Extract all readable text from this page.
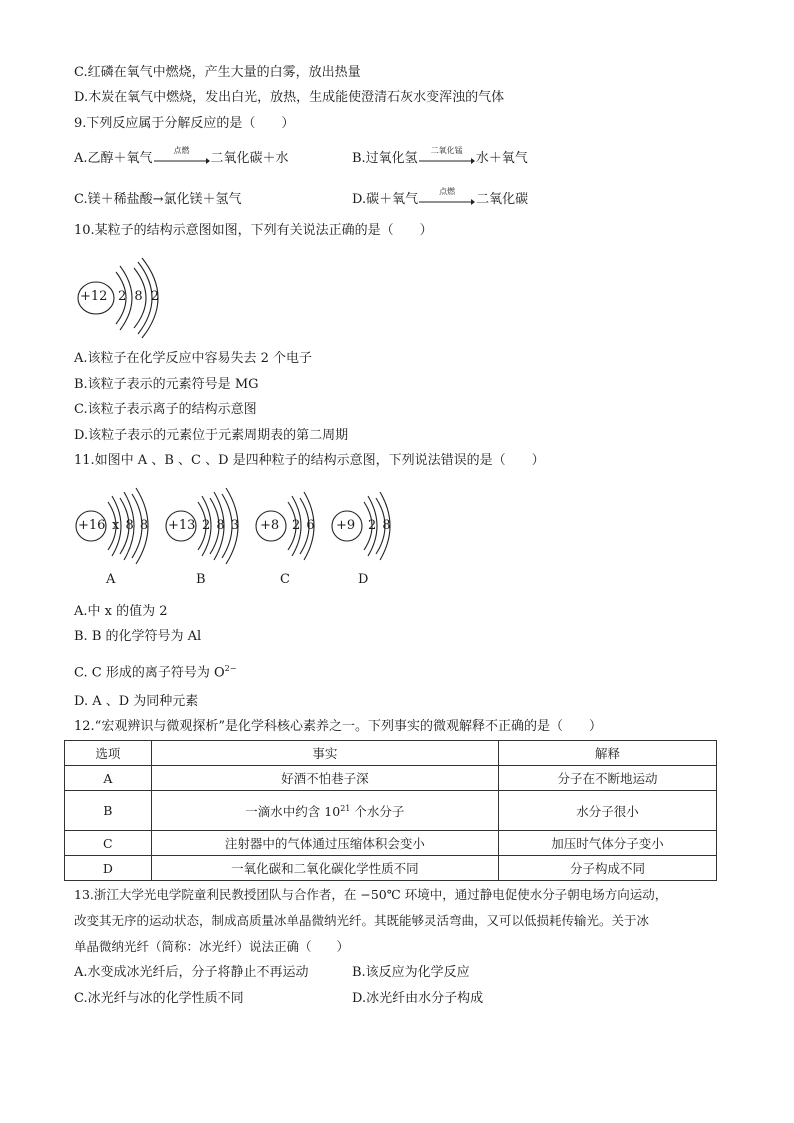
C.红磷在氧气中燃烧，产生大量的白雾，放出热量
D.木炭在氧气中燃烧，发出白光，放热，生成能使澄清石灰水变浑浊的气体
9.下列反应属于分解反应的是（　　）
A.乙醇＋氧气
点燃
二氧化碳＋水	B.过氧化氢
二氧化锰
水＋氧气
C.镁＋稀盐酸→氯化镁＋氢气	D.碳＋氧气
点燃
二氧化碳
10.某粒子的结构示意图如图，下列有关说法正确的是（　　）
+12 2 8 2
A.该粒子在化学反应中容易失去 2 个电子
B.该粒子表示的元素符号是 MG
C.该粒子表示离子的结构示意图
D.该粒子表示的元素位于元素周期表的第二周期
11.如图中 A 、B 、C 、D 是四种粒子的结构示意图，下列说法错误的是（　　）
+16 x 8 8
A
+13 2 8 3
B
+8 2 6
C
+9 2 8
D
A.中 x 的值为 2
B. B 的化学符号为 Al
C. C 形成的离子符号为 $O^{2-}$
D. A 、D 为同种元素
12.“宏观辨识与微观探析”是化学科核心素养之一。下列事实的微观解释不正确的是（　　）
选项	事实	解释
A	好酒不怕巷子深	分子在不断地运动
B	一滴水中约含 $10^{21}$ 个水分子	水分子很小
C	注射器中的气体通过压缩体积会变小	加压时气体分子变小
D	一氧化碳和二氧化碳化学性质不同	分子构成不同
13.浙江大学光电学院童利民教授团队与合作者，在 −50℃ 环境中，通过静电促使水分子朝电场方向运动，
改变其无序的运动状态，制成高质量冰单晶微纳光纤。其既能够灵活弯曲，又可以低损耗传输光。关于冰
单晶微纳光纤（简称：冰光纤）说法正确（　　）
A.水变成冰光纤后，分子将静止不再运动	B.该反应为化学反应
C.冰光纤与冰的化学性质不同	D.冰光纤由水分子构成
